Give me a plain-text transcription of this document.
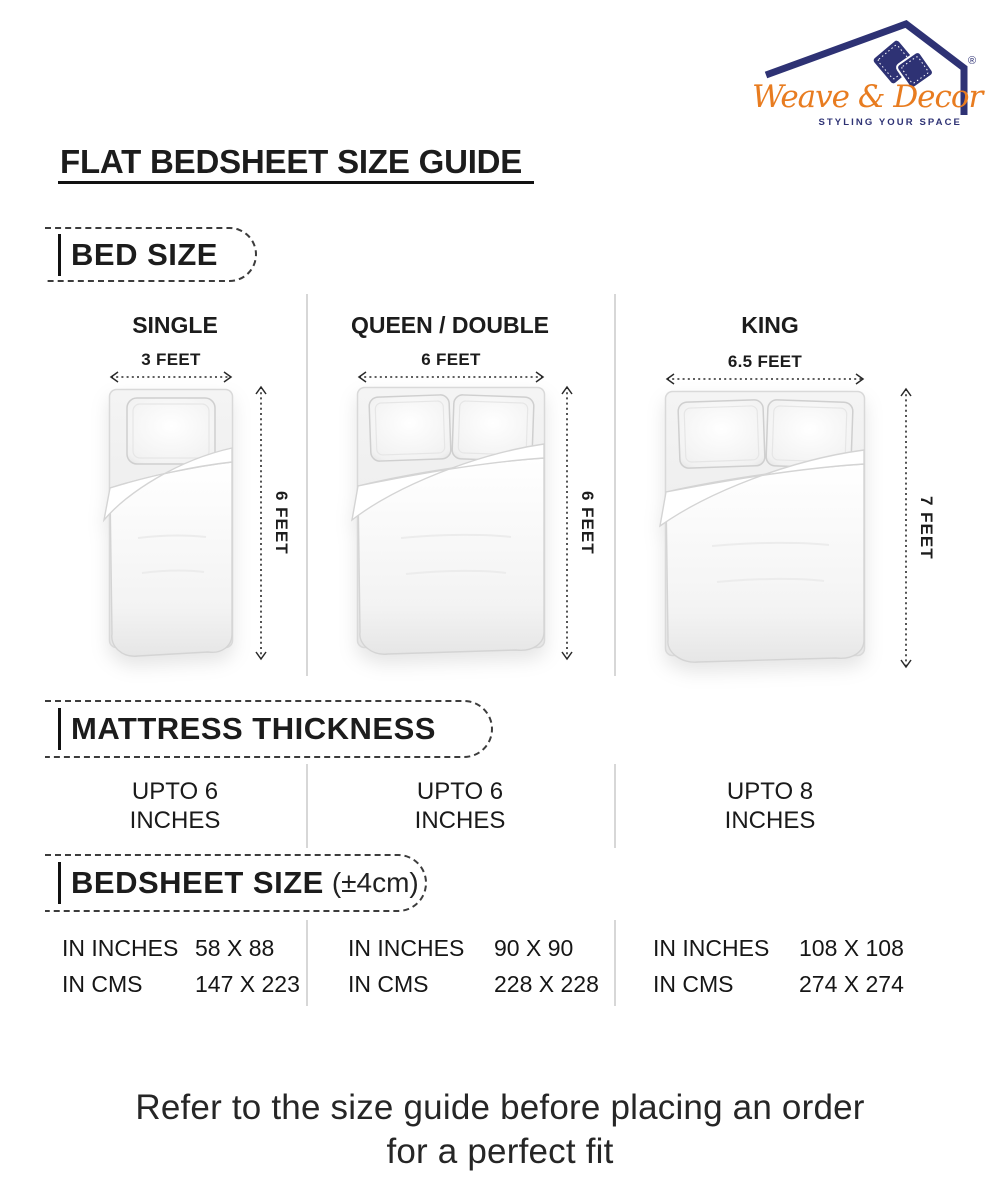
®
Weave & Decor
STYLING YOUR SPACE
FLAT BEDSHEET SIZE GUIDE
BED SIZE
SINGLE
3 FEET
6 FEET
QUEEN / DOUBLE
6 FEET
6 FEET
KING
6.5 FEET
7 FEET
MATTRESS THICKNESS
UPTO 6
INCHES
UPTO 6
INCHES
UPTO 8
INCHES
BEDSHEET SIZE (±4cm)
IN INCHES 58 X 88
IN CMS	147 X 223
IN INCHES	90 X 90
IN CMS	228 X 228
IN INCHES	108 X 108
IN CMS	274 X 274
Refer to the size guide before placing an order
for a perfect fit
